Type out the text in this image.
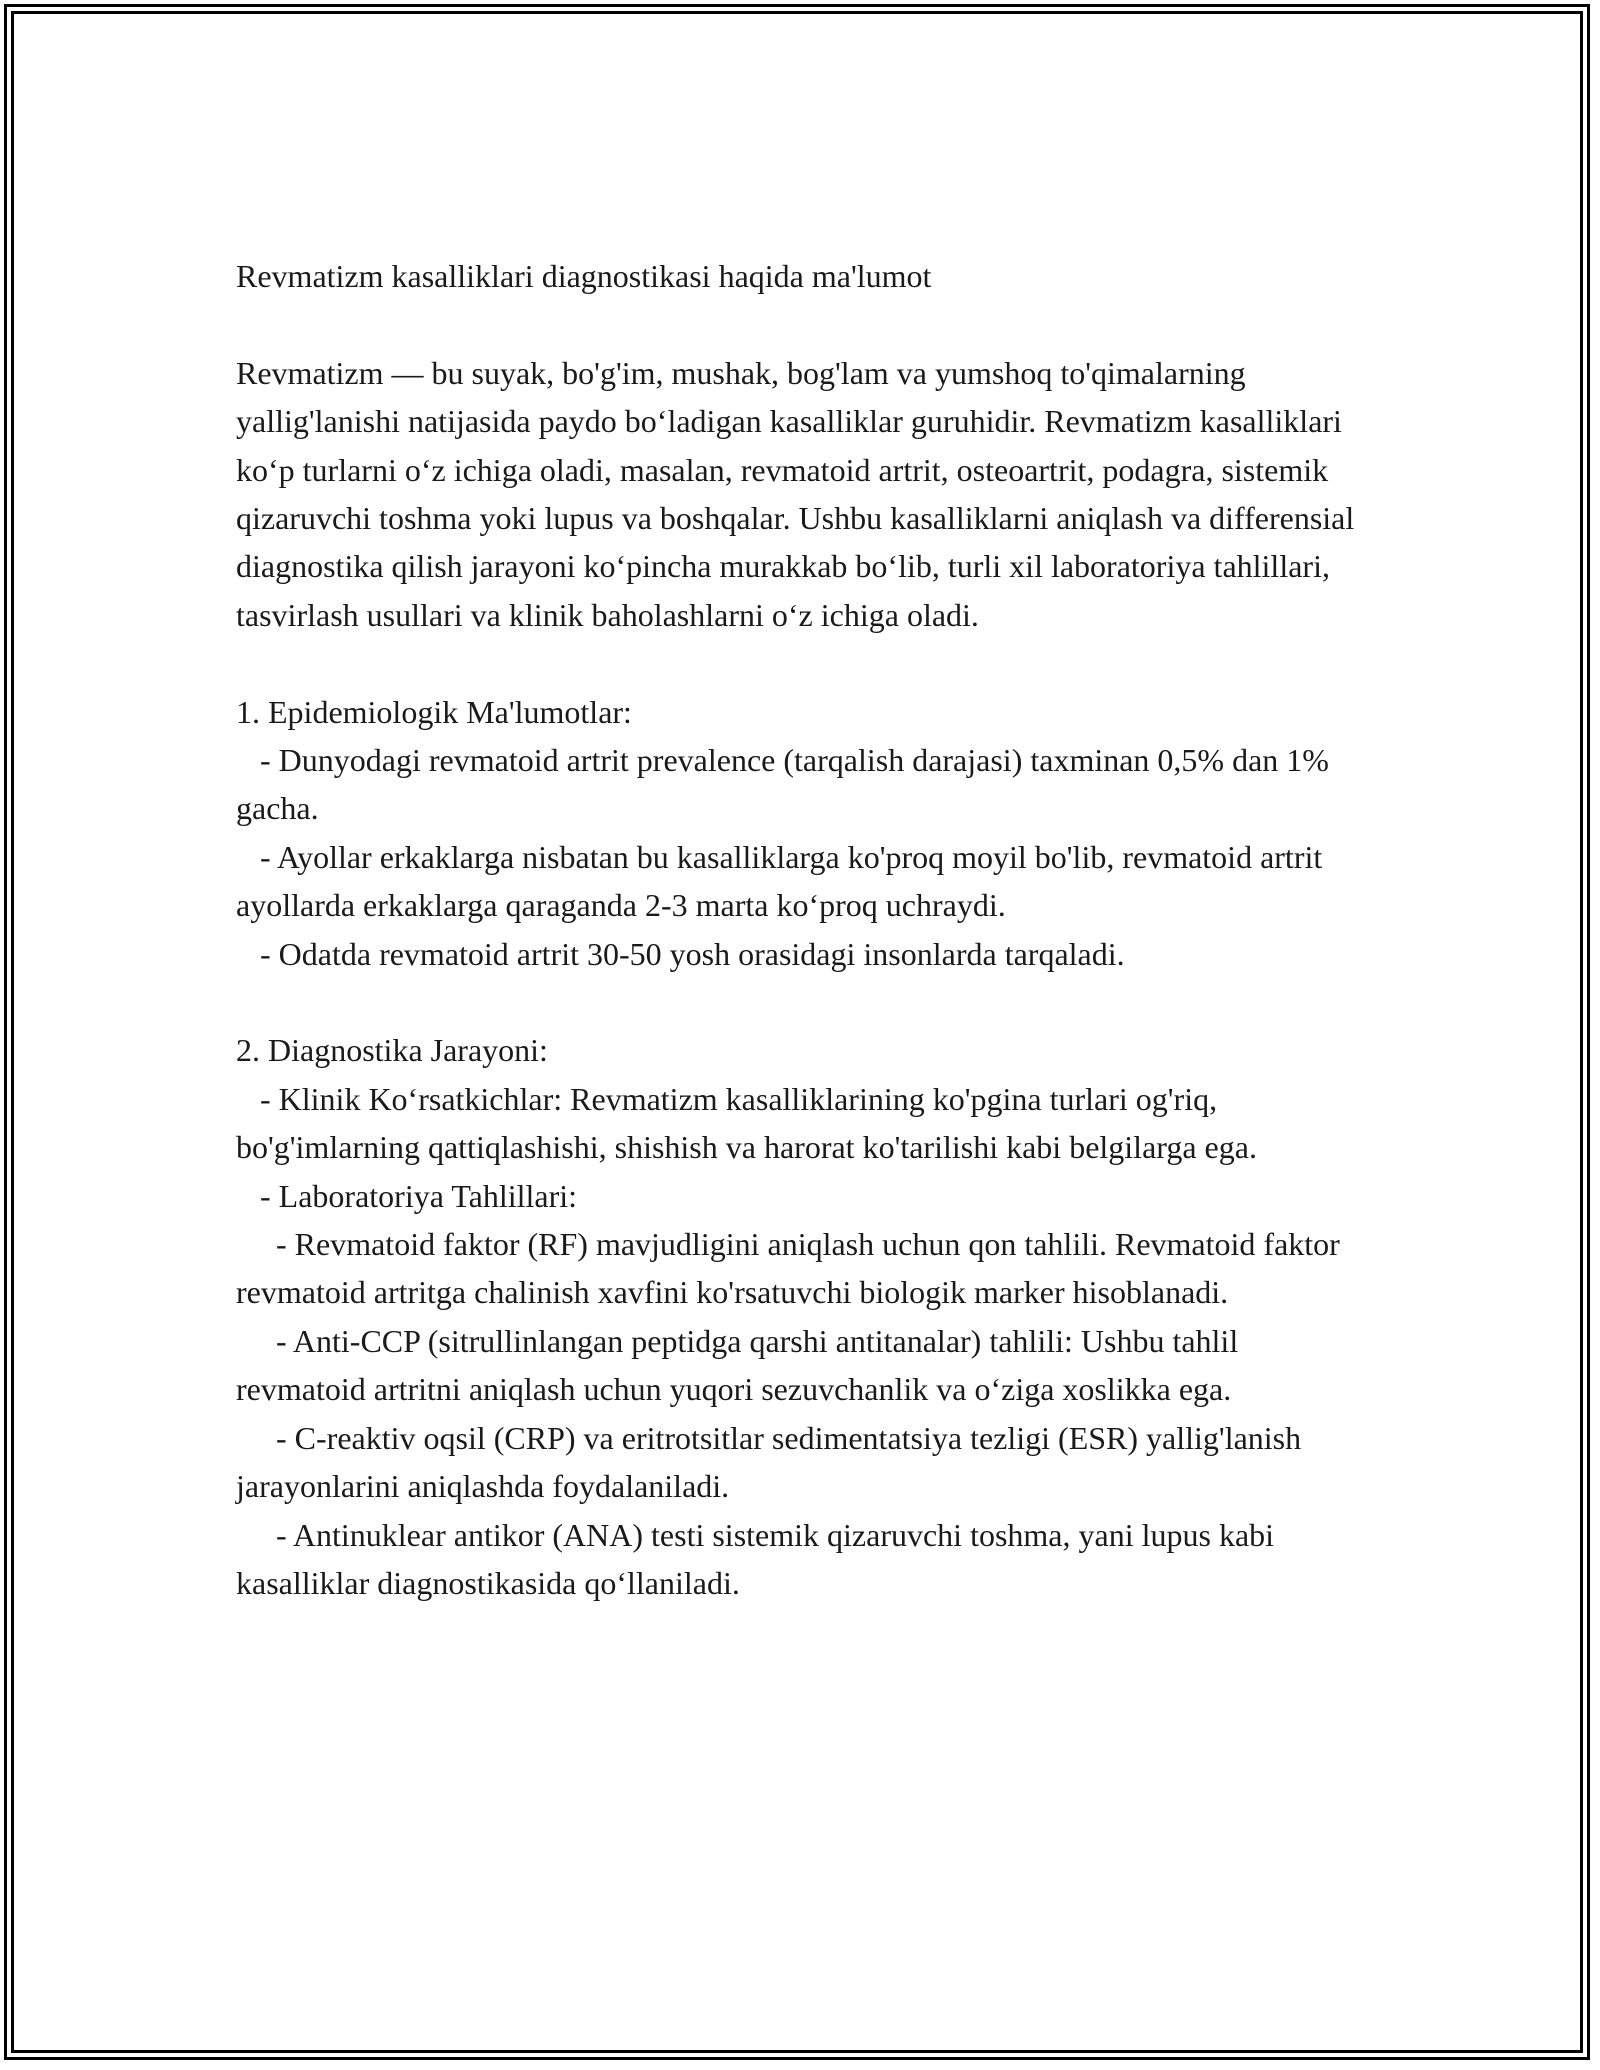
Revmatizm kasalliklari diagnostikasi haqida ma'lumot

Revmatizm — bu suyak, bo'g'im, mushak, bog'lam va yumshoq to'qimalarning yallig'lanishi natijasida paydo bo‘ladigan kasalliklar guruhidir. Revmatizm kasalliklari ko‘p turlarni o‘z ichiga oladi, masalan, revmatoid artrit, osteoartrit, podagra, sistemik qizaruvchi toshma yoki lupus va boshqalar. Ushbu kasalliklarni aniqlash va differensial diagnostika qilish jarayoni ko‘pincha murakkab bo‘lib, turli xil laboratoriya tahlillari, tasvirlash usullari va klinik baholashlarni o‘z ichiga oladi.

1. Epidemiologik Ma'lumotlar:

- Dunyodagi revmatoid artrit prevalence (tarqalish darajasi) taxminan 0,5% dan 1% gacha.

- Ayollar erkaklarga nisbatan bu kasalliklarga ko'proq moyil bo'lib, revmatoid artrit ayollarda erkaklarga qaraganda 2-3 marta ko‘proq uchraydi.

- Odatda revmatoid artrit 30-50 yosh orasidagi insonlarda tarqaladi.

2. Diagnostika Jarayoni:

- Klinik Ko‘rsatkichlar: Revmatizm kasalliklarining ko'pgina turlari og'riq, bo'g'imlarning qattiqlashishi, shishish va harorat ko'tarilishi kabi belgilarga ega.

- Laboratoriya Tahlillari:

- Revmatoid faktor (RF) mavjudligini aniqlash uchun qon tahlili. Revmatoid faktor revmatoid artritga chalinish xavfini ko'rsatuvchi biologik marker hisoblanadi.

- Anti-CCP (sitrullinlangan peptidga qarshi antitanalar) tahlili: Ushbu tahlil revmatoid artritni aniqlash uchun yuqori sezuvchanlik va o‘ziga xoslikka ega.

- C-reaktiv oqsil (CRP) va eritrotsitlar sedimentatsiya tezligi (ESR) yallig'lanish jarayonlarini aniqlashda foydalaniladi.

- Antinuklear antikor (ANA) testi sistemik qizaruvchi toshma, yani lupus kabi kasalliklar diagnostikasida qo‘llaniladi.
